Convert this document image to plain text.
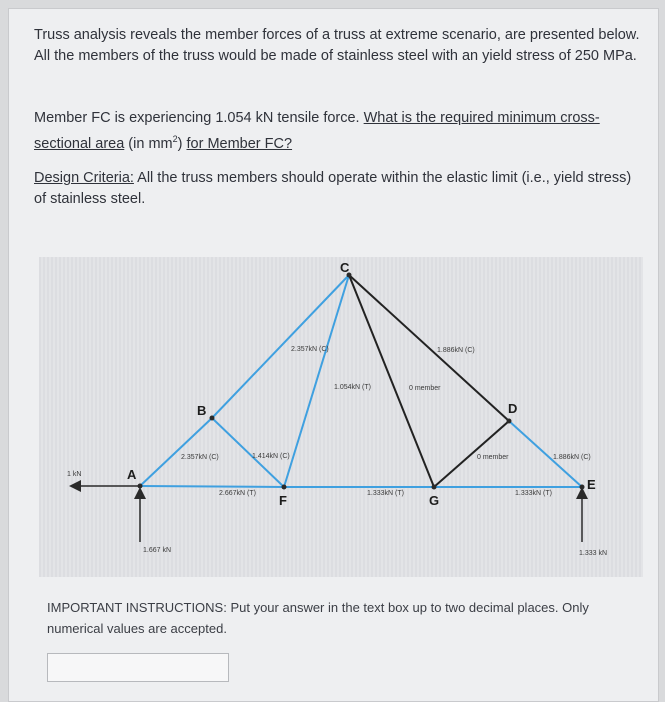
Truss analysis reveals the member forces of a truss at extreme scenario, are presented below. All the members of the truss would be made of stainless steel with an yield stress of 250 MPa.
Member FC is experiencing 1.054 kN tensile force. What is the required minimum cross-sectional area (in $mm^2$) for Member FC?
Design Criteria: All the truss members should operate within the elastic limit (i.e., yield stress) of stainless steel.
A
B
C
D
E
F	G
2.357kN (C)	1.414kN (C)
2.357kN (C)
1.054kN (T)	0 member
1.886kN (C)
2.667kN (T)	1.333kN (T)	1.333kN (T)
0 member	1.886kN (C)
1 kN
1.667 kN	1.333 kN
IMPORTANT INSTRUCTIONS: Put your answer in the text box up to two decimal places. Only numerical values are accepted.
